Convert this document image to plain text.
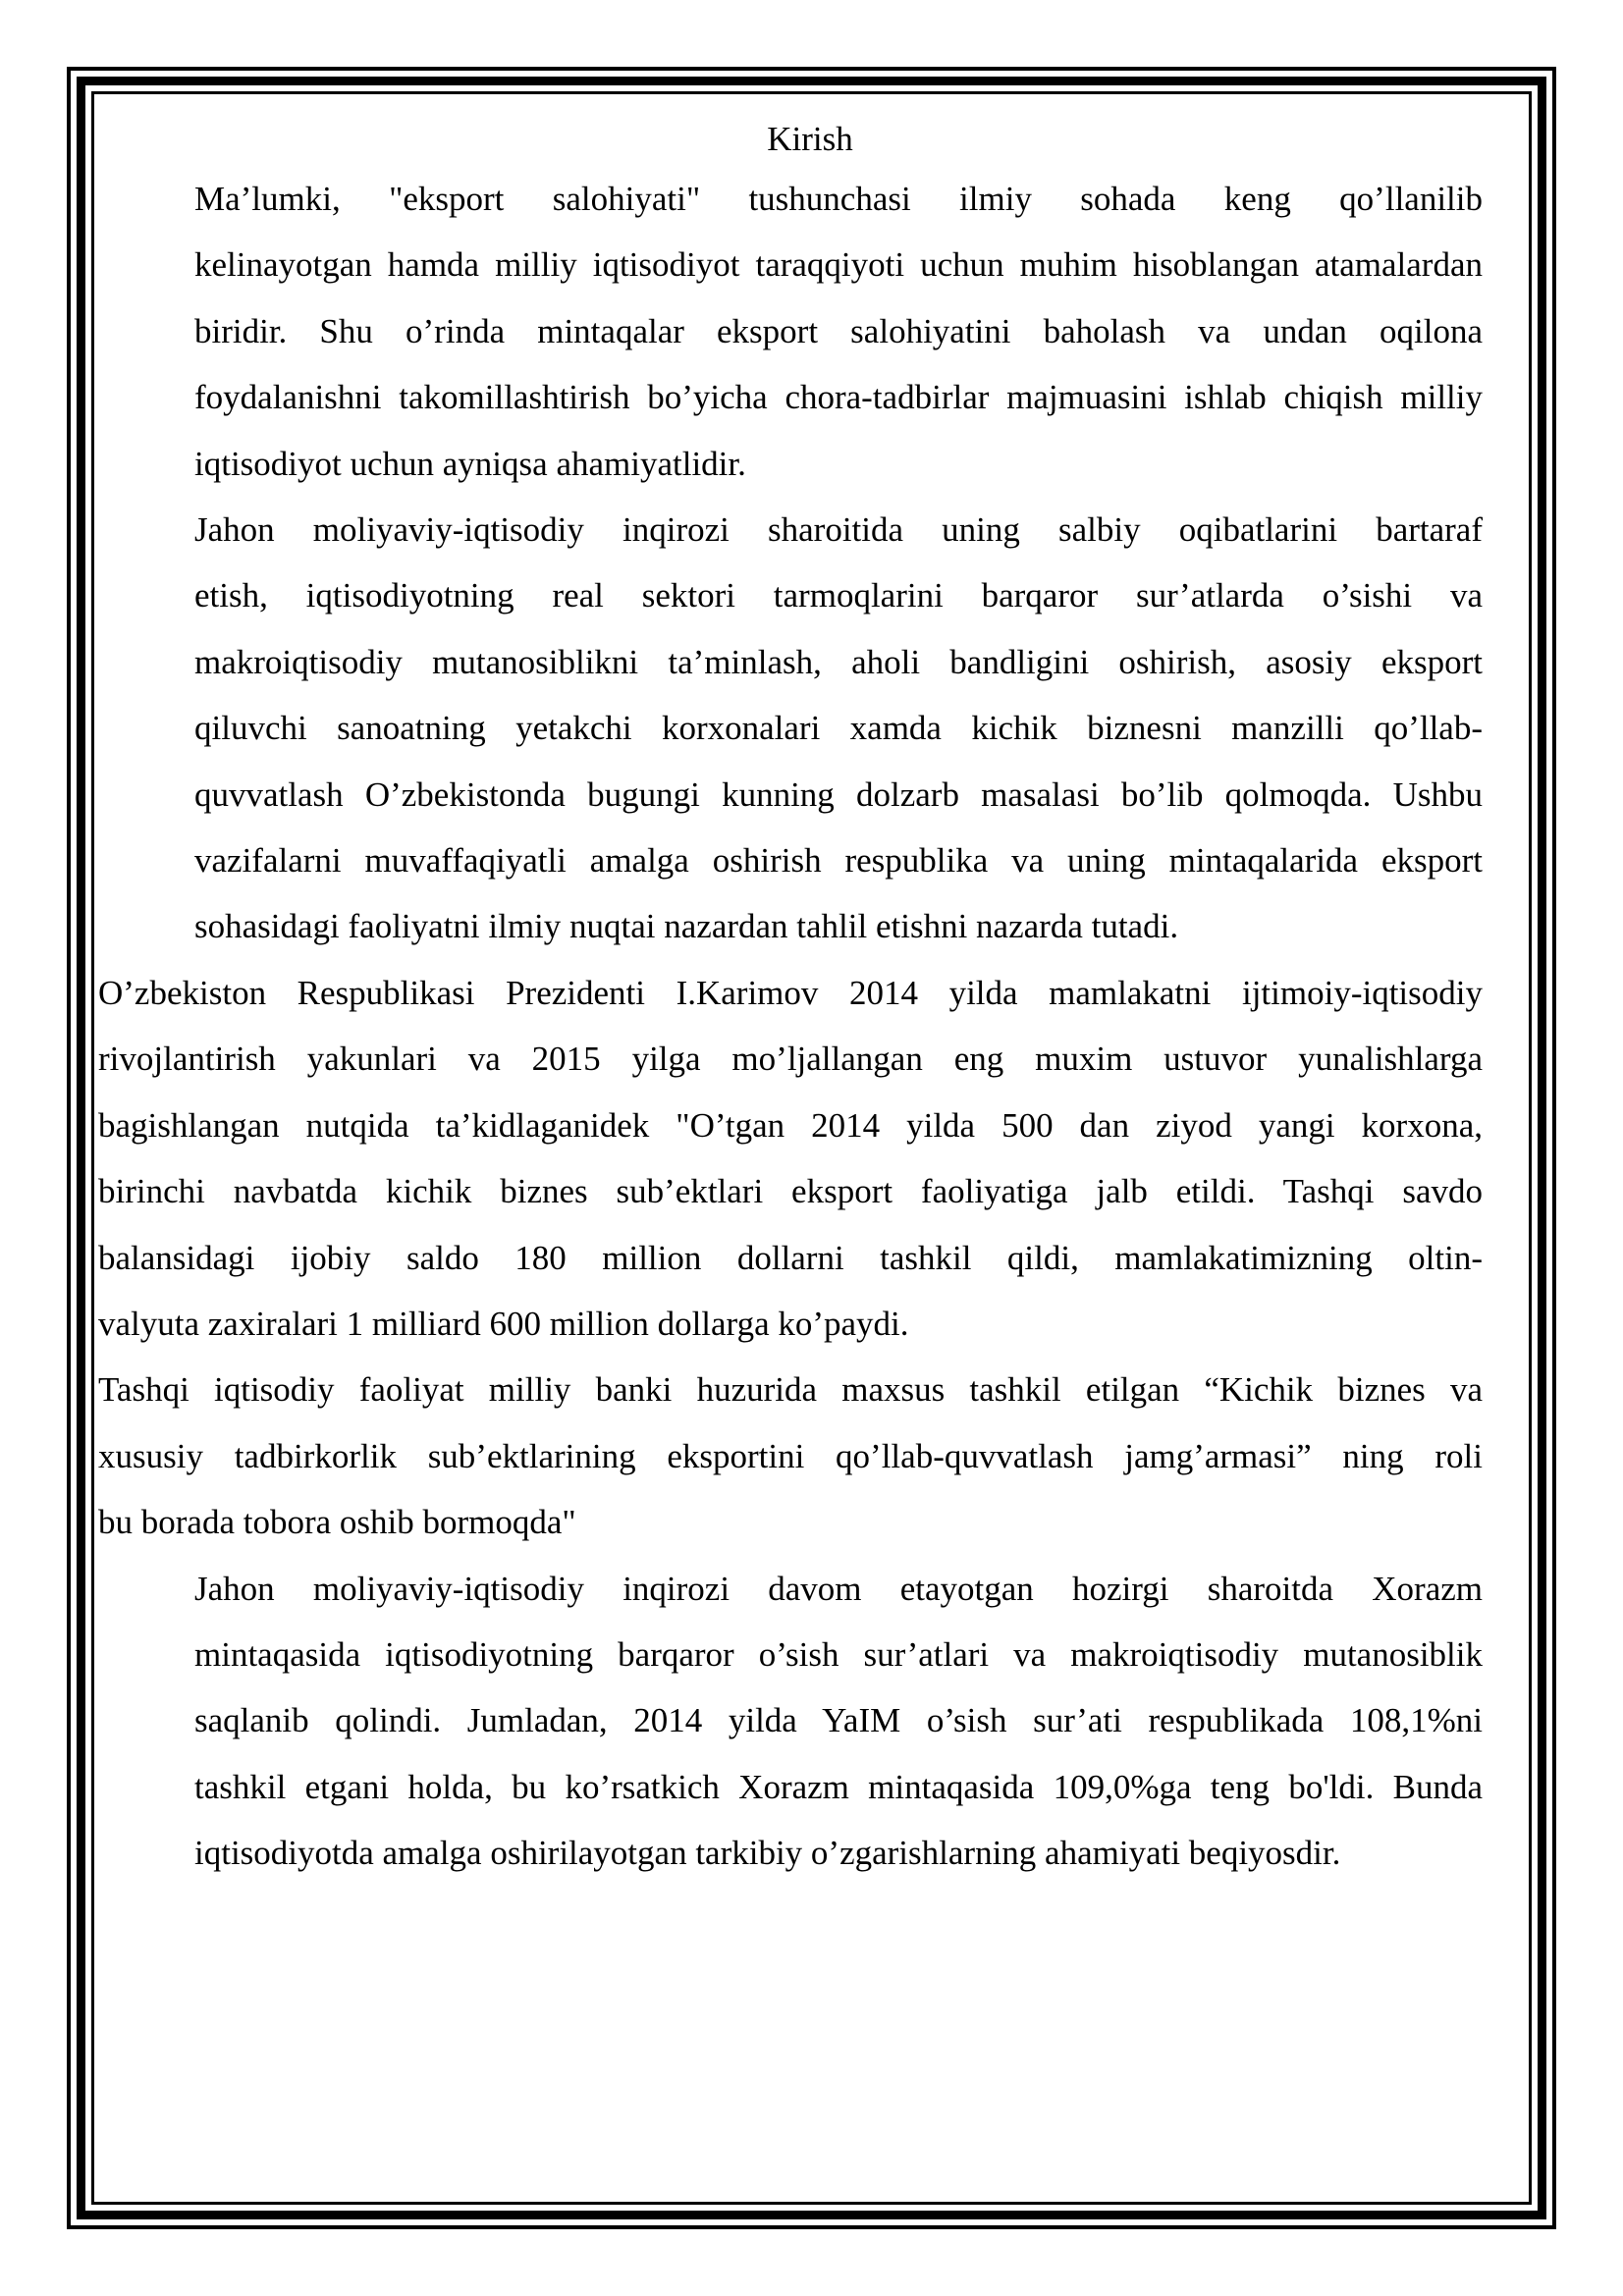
Kirish

Ma’lumki, "eksport salohiyati" tushunchasi ilmiy sohada keng qo’llanilib
kelinayotgan hamda milliy iqtisodiyot taraqqiyoti uchun muhim hisoblangan atamalardan
biridir. Shu o’rinda mintaqalar eksport salohiyatini baholash va undan oqilona
foydalanishni takomillashtirish bo’yicha chora-tadbirlar majmuasini ishlab chiqish milliy
iqtisodiyot uchun ayniqsa ahamiyatlidir.

Jahon moliyaviy-iqtisodiy inqirozi sharoitida uning salbiy oqibatlarini bartaraf
etish, iqtisodiyotning real sektori tarmoqlarini barqaror sur’atlarda o’sishi va
makroiqtisodiy mutanosiblikni ta’minlash, aholi bandligini oshirish, asosiy eksport
qiluvchi sanoatning yetakchi korxonalari xamda kichik biznesni manzilli qo’llab-
quvvatlash O’zbekistonda bugungi kunning dolzarb masalasi bo’lib qolmoqda. Ushbu
vazifalarni muvaffaqiyatli amalga oshirish respublika va uning mintaqalarida eksport
sohasidagi faoliyatni ilmiy nuqtai nazardan tahlil etishni nazarda tutadi.

O’zbekiston Respublikasi Prezidenti I.Karimov 2014 yilda mamlakatni ijtimoiy-iqtisodiy
rivojlantirish yakunlari va 2015 yilga mo’ljallangan eng muxim ustuvor yunalishlarga
bagishlangan nutqida ta’kidlaganidek "O’tgan 2014 yilda 500 dan ziyod yangi korxona,
birinchi navbatda kichik biznes sub’ektlari eksport faoliyatiga jalb etildi. Tashqi savdo
balansidagi ijobiy saldo 180 million dollarni tashkil qildi, mamlakatimizning oltin-
valyuta zaxiralari 1 milliard 600 million dollarga ko’paydi.

Tashqi iqtisodiy faoliyat milliy banki huzurida maxsus tashkil etilgan “Kichik biznes va
xususiy tadbirkorlik sub’ektlarining eksportini qo’llab-quvvatlash jamg’armasi” ning roli
bu borada tobora oshib bormoqda"

Jahon moliyaviy-iqtisodiy inqirozi davom etayotgan hozirgi sharoitda Xorazm
mintaqasida iqtisodiyotning barqaror o’sish sur’atlari va makroiqtisodiy mutanosiblik
saqlanib qolindi. Jumladan, 2014 yilda YaIM o’sish sur’ati respublikada 108,1%ni
tashkil etgani holda, bu ko’rsatkich Xorazm mintaqasida 109,0%ga teng bo'ldi. Bunda
iqtisodiyotda amalga oshirilayotgan tarkibiy o’zgarishlarning ahamiyati beqiyosdir.
